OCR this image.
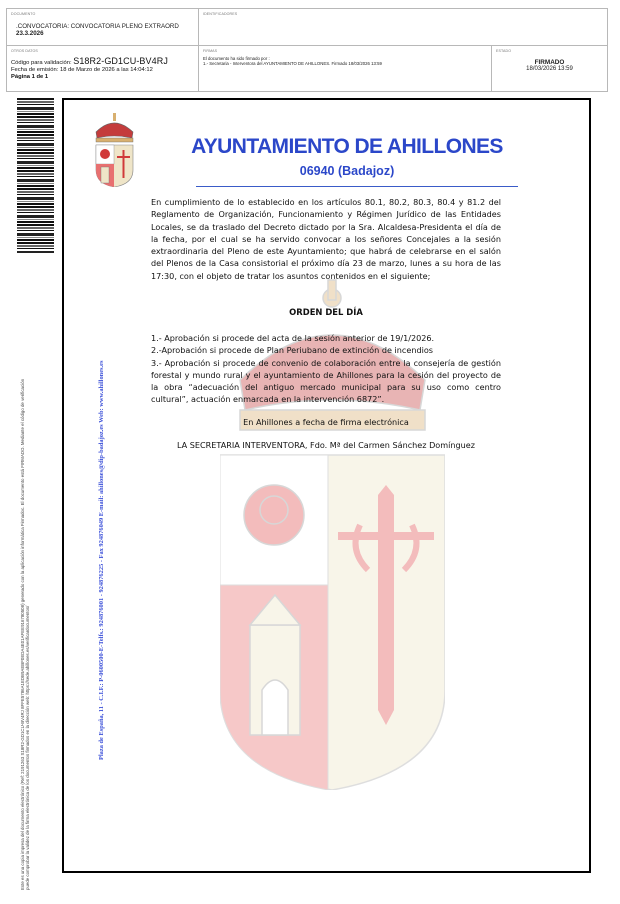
DOCUMENTO
.CONVOCATORIA: CONVOCATORIA PLENO EXTRAORD
23.3.2026
IDENTIFICADORES
OTROS DATOS
Código para validación: S18R2-GD1CU-BV4RJ
Fecha de emisión: 18 de Marzo de 2026 a las 14:04:12
Página 1 de 1
FIRMAS
El documento ha sido firmado por :
1.- Secretaria - Interventora del AYUNTAMIENTO DE AHILLONES. Firmado 18/03/2026 13:59
ESTADO
FIRMADO
18/03/2026 13:59
Este es una copia impresa del documento electrónico (Ref: 2191263 S18R2-GD1CU-BV4RJ 8FFE5786A1EDB9AEBF0EDA4E01AFEE916780508) generado con la aplicación informática Firmadoc. El documento está FIRMADO. Mediante el código de verificación puede comprobar la validez de la firma electrónica de los documentos firmados en la dirección web: https://sede.ahillones.es/verificardocumentos/	Plaza de España, 11 - C.I.F.: P-0600500-E-Telfs.: 924876001 - 924876225 - Fax 924876049 E-mail: ahillones@dip-badajoz.es Web: www.ahillones.es
AYUNTAMIENTO DE AHILLONES
06940 (Badajoz)
En cumplimiento de lo establecido en los artículos 80.1, 80.2, 80.3, 80.4 y 81.2 del Reglamento de Organización, Funcionamiento y Régimen Jurídico de las Entidades Locales, se da traslado del Decreto dictado por la Sra. Alcaldesa-Presidenta el día de la fecha, por el cual se ha servido convocar a los señores Concejales a la sesión extraordinaria del Pleno de este Ayuntamiento; que habrá de celebrarse en el salón del Plenos de la Casa consistorial el próximo día 23 de marzo, lunes a su hora de las 17:30, con el objeto de tratar los asuntos contenidos en el siguiente;
ORDEN DEL DÍA
1.- Aprobación si procede del acta de la sesión anterior de 19/1/2026.
2.-Aprobación si procede de Plan Periubano de extinción de incendios
3.- Aprobación si procede de convenio de colaboración entre la consejería de gestión forestal y mundo rural y el ayuntamiento de Ahillones para la cesión del proyecto de la obra “adecuación del antiguo mercado municipal para su uso como centro cultural”, actuación enmarcada en la intervención 6872”.
En Ahillones a fecha de firma electrónica
LA SECRETARIA INTERVENTORA, Fdo. Mª del Carmen Sánchez Domínguez
